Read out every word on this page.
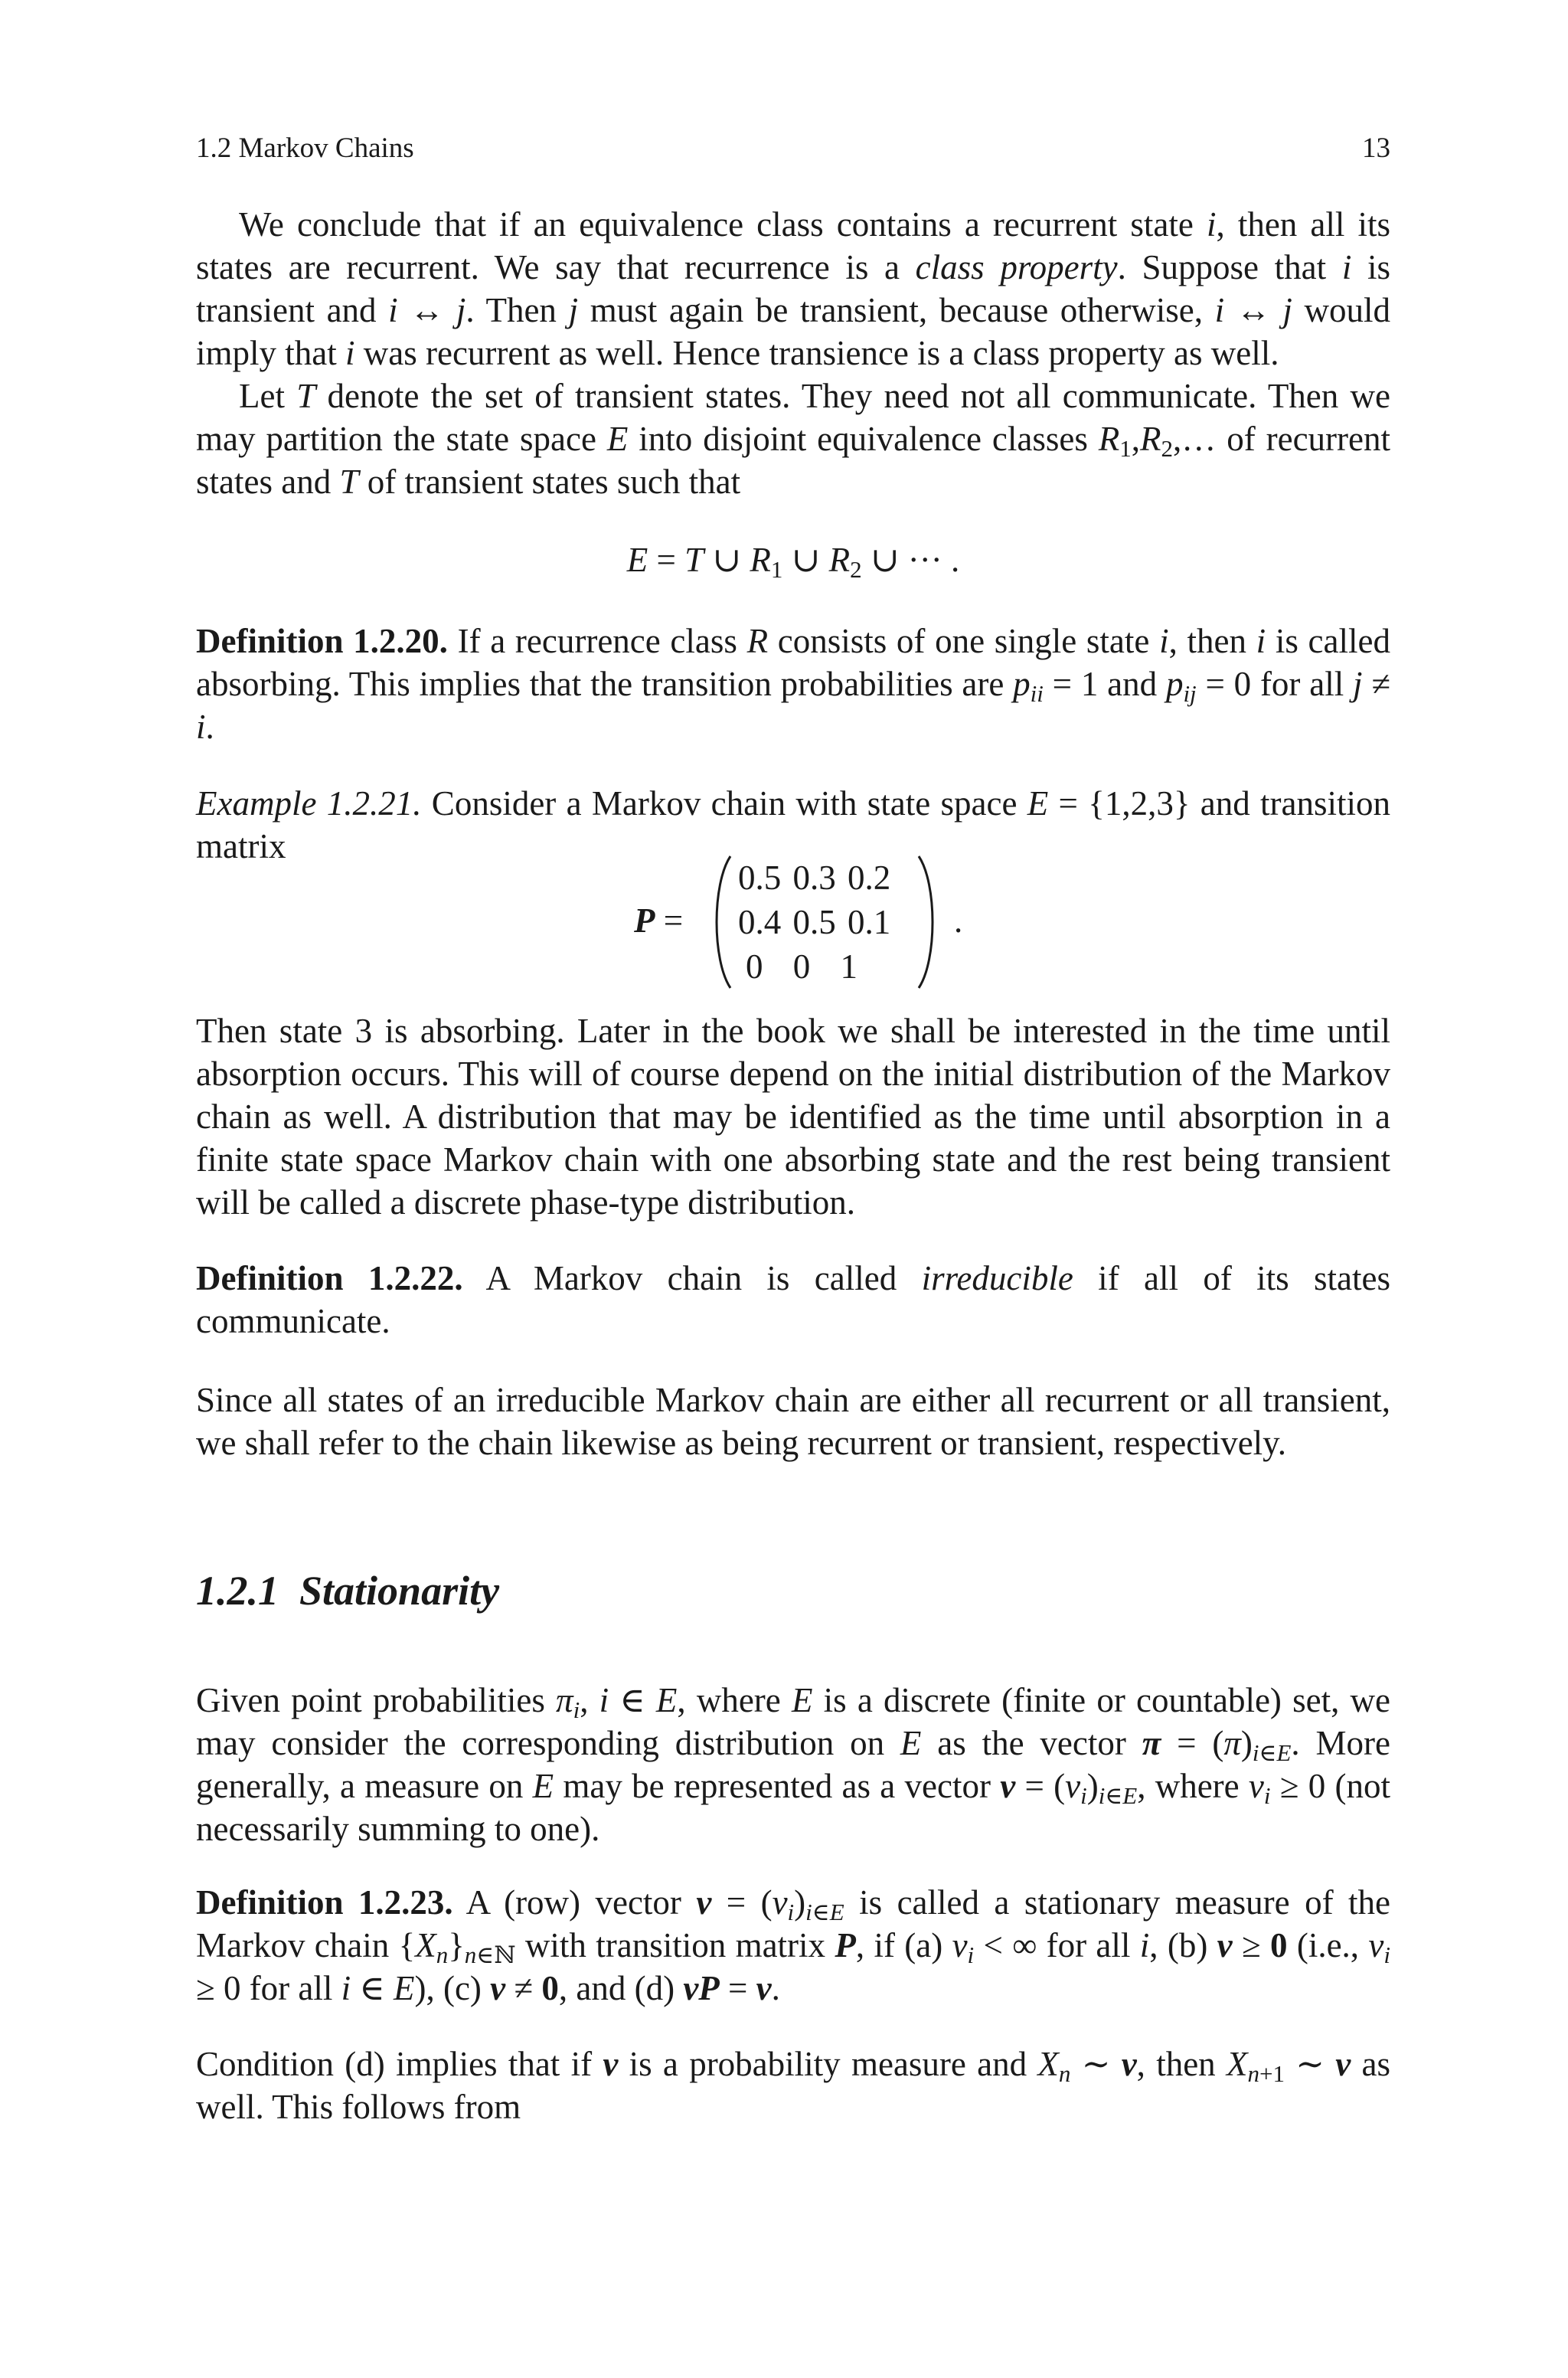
1.2 Markov Chains	13
We conclude that if an equivalence class contains a recurrent state i, then all its states are recurrent. We say that recurrence is a class property. Suppose that i is transient and i ↔ j. Then j must again be transient, because otherwise, i ↔ j would imply that i was recurrent as well. Hence transience is a class property as well.
Let T denote the set of transient states. They need not all communicate. Then we may partition the state space E into disjoint equivalence classes $R_1,R_2,\dots$ of recurrent states and T of transient states such that
E = T ∪ $R_1$ ∪ $R_2$ ∪ ··· .
Definition 1.2.20. If a recurrence class R consists of one single state i, then i is called absorbing. This implies that the transition probabilities are $p_{ii} = 1$ and $p_{ij} = 0$ for all j ≠ i.
Example 1.2.21. Consider a Markov chain with state space E = {1,2,3} and transition matrix
P =
0.5 0.3 0.2
0.4 0.5 0.1
0 0 1
.
Then state 3 is absorbing. Later in the book we shall be interested in the time until absorption occurs. This will of course depend on the initial distribution of the Markov chain as well. A distribution that may be identified as the time until absorption in a finite state space Markov chain with one absorbing state and the rest being transient will be called a discrete phase-type distribution.
Definition 1.2.22. A Markov chain is called irreducible if all of its states communicate.
Since all states of an irreducible Markov chain are either all recurrent or all transient, we shall refer to the chain likewise as being recurrent or transient, respectively.
1.2.1 Stationarity
Given point probabilities $\pi_i$, i ∈ E, where E is a discrete (finite or countable) set, we may consider the corresponding distribution on E as the vector $\pi = (\pi)_{i\in E}$. More generally, a measure on E may be represented as a vector $\nu = (\nu_i)_{i\in E}$, where $\nu_i \ge 0$ (not necessarily summing to one).
Definition 1.2.23. A (row) vector $\nu = (\nu_i)_{i\in E}$ is called a stationary measure of the Markov chain $\{X_n\}_{n\in ℕ}$ with transition matrix P, if (a) $\nu_i$ < ∞ for all i, (b) ν ≥ 0 (i.e., $\nu_i \ge 0$ for all i ∈ E), (c) ν ≠ 0, and (d) νP = ν.
Condition (d) implies that if ν is a probability measure and $X_n$ ∼ ν, then $X_{n+1}$ ∼ ν as well. This follows from
